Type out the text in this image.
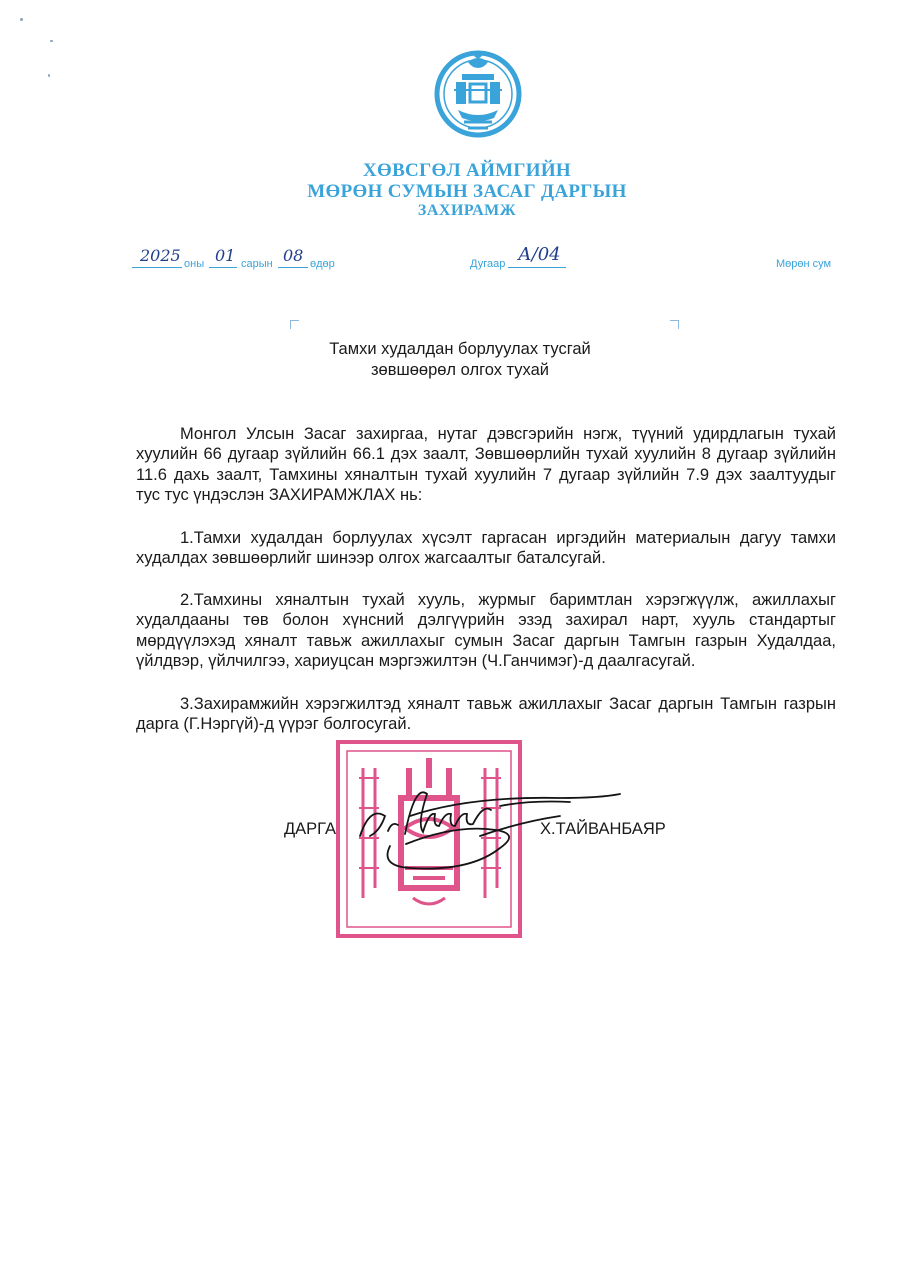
ХӨВСГӨЛ АЙМГИЙН
МӨРӨН СУМЫН ЗАСАГ ДАРГЫН
ЗАХИРАМЖ
2025 оны 01 сарын 08 өдөр	Дугаар А/04	Мөрөн сум
Тамхи худалдан борлуулах тусгай
зөвшөөрөл олгох тухай
Монгол Улсын Засаг захиргаа, нутаг дэвсгэрийн нэгж, түүний удирдлагын тухай хуулийн 66 дугаар зүйлийн 66.1 дэх заалт, Зөвшөөрлийн тухай хуулийн 8 дугаар зүйлийн 11.6 дахь заалт, Тамхины хяналтын тухай хуулийн 7 дугаар зүйлийн 7.9 дэх заалтуудыг тус тус үндэслэн ЗАХИРАМЖЛАХ нь:
1.Тамхи худалдан борлуулах хүсэлт гаргасан иргэдийн материалын дагуу тамхи худалдах зөвшөөрлийг шинээр олгох жагсаалтыг баталсугай.
2.Тамхины хяналтын тухай хууль, журмыг баримтлан хэрэгжүүлж, ажиллахыг худалдааны төв болон хүнсний дэлгүүрийн эзэд захирал нарт, хууль стандартыг мөрдүүлэхэд хяналт тавьж ажиллахыг сумын Засаг даргын Тамгын газрын Худалдаа, үйлдвэр, үйлчилгээ, хариуцсан мэргэжилтэн (Ч.Ганчимэг)-д даалгасугай.
3.Захирамжийн хэрэгжилтэд хяналт тавьж ажиллахыг Засаг даргын Тамгын газрын дарга (Г.Нэргүй)-д үүрэг болгосугай.
ДАРГА	Х.ТАЙВАНБАЯР
